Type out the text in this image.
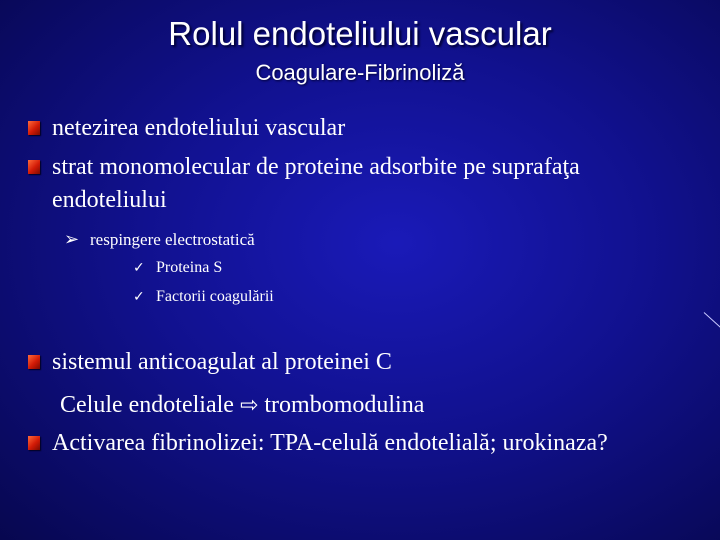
Rolul endoteliului vascular
Coagulare-Fibrinoliză
netezirea endoteliului vascular
strat monomolecular de proteine adsorbite pe suprafaţa
endoteliului
➢ respingere electrostatică
✓ Proteina S
✓ Factorii coagulării
sistemul anticoagulat al proteinei C
Celule endoteliale ⇨ trombomodulina
Activarea fibrinolizei: TPA-celulă endotelială; urokinaza?
